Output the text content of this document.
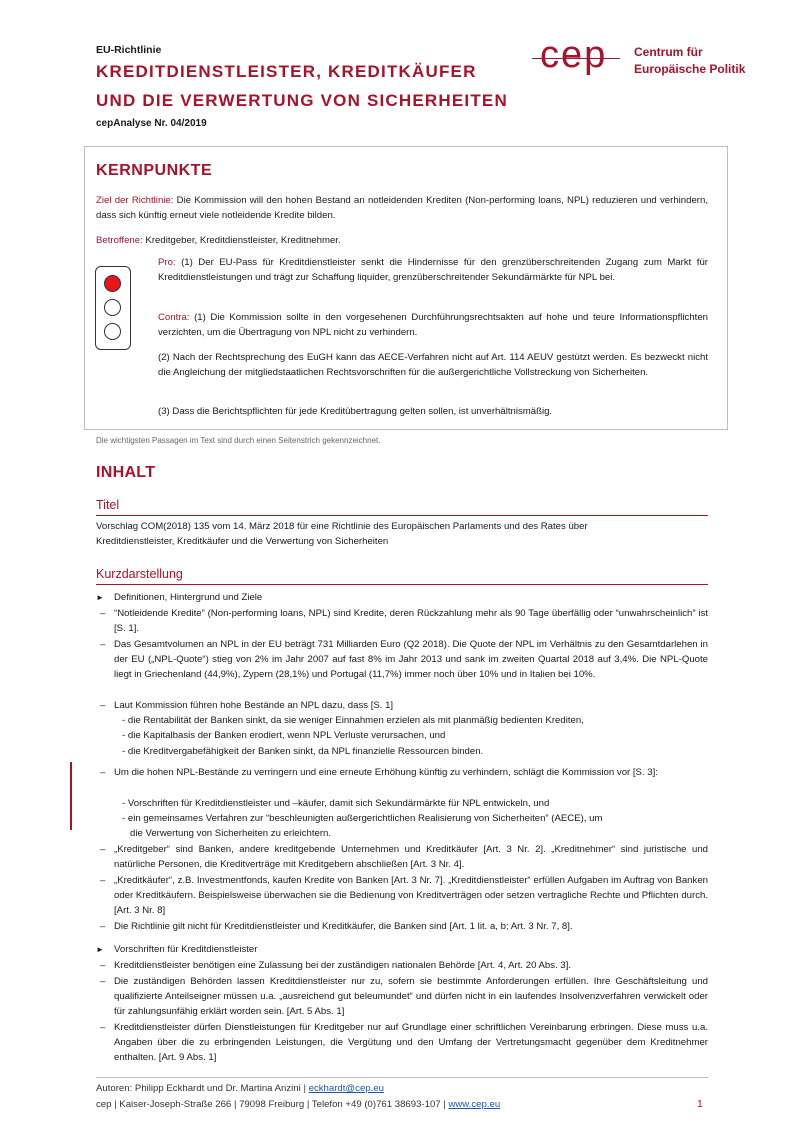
EU-Richtlinie
KREDITDIENSTLEISTER, KREDITKÄUFER
UND DIE VERWERTUNG VON SICHERHEITEN
cepAnalyse Nr. 04/2019
cep Centrum für
Europäische Politik
KERNPUNKTE
Ziel der Richtlinie: Die Kommission will den hohen Bestand an notleidenden Krediten (Non-performing loans, NPL) reduzieren und verhindern, dass sich künftig erneut viele notleidende Kredite bilden.
Betroffene: Kreditgeber, Kreditdienstleister, Kreditnehmer.
Pro: (1) Der EU-Pass für Kreditdienstleister senkt die Hindernisse für den grenzüberschreitenden Zugang zum Markt für Kreditdienstleistungen und trägt zur Schaffung liquider, grenzüberschreitender Sekundärmärkte für NPL bei.
Contra: (1) Die Kommission sollte in den vorgesehenen Durchführungsrechtsakten auf hohe und teure Informationspflichten verzichten, um die Übertragung von NPL nicht zu verhindern.
(2) Nach der Rechtsprechung des EuGH kann das AECE-Verfahren nicht auf Art. 114 AEUV gestützt werden. Es bezweckt nicht die Angleichung der mitgliedstaatlichen Rechtsvorschriften für die außergerichtliche Vollstreckung von Sicherheiten.
(3) Dass die Berichtspflichten für jede Kreditübertragung gelten sollen, ist unverhältnismäßig.
Die wichtigsten Passagen im Text sind durch einen Seitenstrich gekennzeichnet.
INHALT
Titel
Vorschlag COM(2018) 135 vom 14. März 2018 für eine Richtlinie des Europäischen Parlaments und des Rates über
Kreditdienstleister, Kreditkäufer und die Verwertung von Sicherheiten
Kurzdarstellung
► Definitionen, Hintergrund und Ziele
– “Notleidende Kredite” (Non-performing loans, NPL) sind Kredite, deren Rückzahlung mehr als 90 Tage überfällig oder “unwahrscheinlich” ist [S. 1].
– Das Gesamtvolumen an NPL in der EU beträgt 731 Milliarden Euro (Q2 2018). Die Quote der NPL im Verhältnis zu den Gesamtdarlehen in der EU („NPL-Quote“) stieg von 2% im Jahr 2007 auf fast 8% im Jahr 2013 und sank im zweiten Quartal 2018 auf 3,4%. Die NPL-Quote liegt in Griechenland (44,9%), Zypern (28,1%) und Portugal (11,7%) immer noch über 10% und in Italien bei 10%.
– Laut Kommission führen hohe Bestände an NPL dazu, dass [S. 1]
- die Rentabilität der Banken sinkt, da sie weniger Einnahmen erzielen als mit planmäßig bedienten Krediten,
- die Kapitalbasis der Banken erodiert, wenn NPL Verluste verursachen, und
- die Kreditvergabefähigkeit der Banken sinkt, da NPL finanzielle Ressourcen binden.
– Um die hohen NPL-Bestände zu verringern und eine erneute Erhöhung künftig zu verhindern, schlägt die Kommission vor [S. 3]:
- Vorschriften für Kreditdienstleister und –käufer, damit sich Sekundärmärkte für NPL entwickeln, und
- ein gemeinsames Verfahren zur “beschleunigten außergerichtlichen Realisierung von Sicherheiten” (AECE), um
die Verwertung von Sicherheiten zu erleichtern.
– „Kreditgeber“ sind Banken, andere kreditgebende Unternehmen und Kreditkäufer [Art. 3 Nr. 2]. „Kreditnehmer“ sind juristische und natürliche Personen, die Kreditverträge mit Kreditgebern abschließen [Art. 3 Nr. 4].
– „Kreditkäufer“, z.B. Investmentfonds, kaufen Kredite von Banken [Art. 3 Nr. 7]. „Kreditdienstleister“ erfüllen Aufgaben im Auftrag von Banken oder Kreditkäufern. Beispielsweise überwachen sie die Bedienung von Kreditverträgen oder setzen vertragliche Rechte und Pflichten durch. [Art. 3 Nr. 8]
– Die Richtlinie gilt nicht für Kreditdienstleister und Kreditkäufer, die Banken sind [Art. 1 lit. a, b; Art. 3 Nr. 7, 8].
► Vorschriften für Kreditdienstleister
– Kreditdienstleister benötigen eine Zulassung bei der zuständigen nationalen Behörde [Art. 4, Art. 20 Abs. 3].
– Die zuständigen Behörden lassen Kreditdienstleister nur zu, sofern sie bestimmte Anforderungen erfüllen. Ihre Geschäftsleitung und qualifizierte Anteilseigner müssen u.a. „ausreichend gut beleumundet“ und dürfen nicht in ein laufendes Insolvenzverfahren verwickelt oder für zahlungsunfähig erklärt worden sein. [Art. 5 Abs. 1]
– Kreditdienstleister dürfen Dienstleistungen für Kreditgeber nur auf Grundlage einer schriftlichen Vereinbarung erbringen. Diese muss u.a. Angaben über die zu erbringenden Leistungen, die Vergütung und den Umfang der Vertretungsmacht gegenüber dem Kreditnehmer enthalten. [Art. 9 Abs. 1]
Autoren: Philipp Eckhardt und Dr. Martina Anzini | eckhardt@cep.eu
cep | Kaiser-Joseph-Straße 266 | 79098 Freiburg | Telefon +49 (0)761 38693-107 | www.cep.eu	1
